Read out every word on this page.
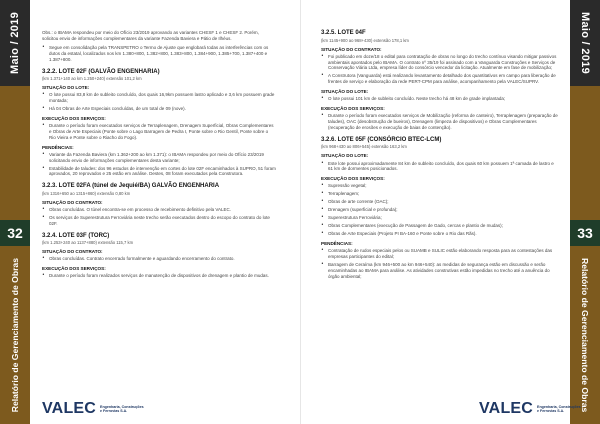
Maio / 2019
32
Relatório de Gerenciamento de Obras

Obs.: o IBAMA respondeu por meio do Ofício 23/2019 aprovando as variantes CHESF 1 e CHESF 2. Porém, solicitou envio de informações complementares da variante Fazenda Baviera e Pátio de Ilhéus.

• Segue em consolidação pela TRANSPETRO o Termo de Ajuste que englobará todas as interferências com os dutos da estatal, localizados nos km 1.380+800, 1.382+800, 1.383+800, 1.384+900, 1.385+700, 1.387+400 e 1.387+800.
3.2.2. LOTE 02F (GALVÃO ENGENHARIA)
(km 1.371+140 ao km 1.250+240) extensão 101,2 km
SITUAÇÃO DO LOTE:
• O lote possui 83,8 km de subleito concluído, dos quais 16,9km possuem lastro aplicado e 3,6 km possuem grade montada;
• Há 04 Obras de Arte Especiais concluídas, de um total de 09 (nove).
EXECUÇÃO DOS SERVIÇOS:
• Durante o período foram executados serviços de Terraplenagem, Drenagem Superficial, Obras Complementares e Obras de Arte Especiais (Ponte sobre o Lago Barragem de Pedra I, Ponte sobre o Rio Gentil, Ponte sobre o Rio Vieira e Ponte sobre o Riacho do Fogo).
PENDÊNCIAS:
• Variante da Fazenda Baviera (km 1.362+200 ao km 1.371): o IBAMA respondeu por meio do Ofício 23/2019 solicitando envio de informações complementares desta variante;
• Estabilidade de taludes: dos 96 estudos de intervenção em cortes do lote 02F encaminhados à SUPRO, 51 foram aprovados, 20 reprovados e 25 estão em análise. Destes, 08 foram executados pela Construtora.
3.2.3. LOTE 02FA (túnel de Jequié/BA) GALVÃO ENGENHARIA
(km 1316+650 ao 1315+860) extensão 0,80 km
SITUAÇÃO DO CONTRATO:
• Obras concluídas. O túnel encontra-se em processo de recebimento definitivo pela VALEC.
• Os serviços de Superestrutura Ferroviária neste trecho serão executados dentro do escopo do contrato do lote 02F.
3.2.4. LOTE 03F (TORC)
(km 1.253+240 ao 1137+880) extensão 115,7 km
SITUAÇÃO DO CONTRATO:
• Obras concluídas. Contrato encerrado formalmente e aguardando encerramento do contrato.
EXECUÇÃO DOS SERVIÇOS:
• Durante o período foram realizados serviços de manutenção de dispositivos de drenagem e plantio de mudas.
VALEC Engenharia, Construções
e Ferrovias S.A.
Maio / 2019
33
Relatório de Gerenciamento de Obras
3.2.5. LOTE 04F
(km 1145+900 ao 968+430) extensão 178,1 km
SITUAÇÃO DO CONTRATO:
• Foi publicado em doze/18 o edital para contratação de obras no longo do trecho contínuo visando mitigar passivos ambientais apontados pelo IBAMA. O contrato nº 35/19 foi assinado com a Vanguarda Construções e Serviços de Conservação Viária Ltda, empresa líder do consórcio vencedor da licitação. Atualmente em fase de mobilização;
• A Construtora (Vanguarda) está realizando levantamento detalhado dos quantitativos em campo para liberação de frentes de serviço e elaboração da rede PERT-CPM para análise, acompanhamento pela VALEC/SUPRV.
SITUAÇÃO DO LOTE:
• O lote possui 101 km de subleito concluído. Neste trecho há 48 km de grade implantada;
EXECUÇÃO DOS SERVIÇOS:
• Durante o período foram executados serviços de Mobilização (reforma de canteiro), Terraplenagem (preparação de taludes), OAC (desobstrução de bueiros), Drenagem (limpeza de dispositivos) e Obras Complementares (recuperação de erosões e execução de baias de contenção).
3.2.6. LOTE 05F (CONSÓRCIO BTEC-LCM)
(km 968+430 ao 806+545) extensão 163,2 km
SITUAÇÃO DO LOTE:
• Este lote possui aproximadamente 84 km de subleito concluído, dos quais 60 km possuem 1ª camada de lastro e 61 km de dormentes posicionados.
EXECUÇÃO DOS SERVIÇOS:
• Supressão vegetal;
• Terraplenagem;
• Obras de arte corrente (OAC);
• Drenagem (superficial e profunda);
• Superestrutura Ferroviária;
• Obras Complementares (execução de Passagem de Gado, cercas e plantio de mudas);
• Obras de Arte Especiais (Projeto PI BA-160 e Ponte sobre o Rio das Rãs).
PENDÊNCIAS:
• Contratação de rudos especiais pelos ou SUAMB e SULIC estão elaborando resposta para as contestações das empresas participantes do edital;
• Barragem de Ceraíma (km 946+500 ao km 946+540): as medidas de segurança estão em discussão e serão encaminhadas ao IBAMA para análise. As atividades construtivas estão impedidas no trecho até a anuência do órgão ambiental;
VALEC Engenharia, Construções
e Ferrovias S.A.
